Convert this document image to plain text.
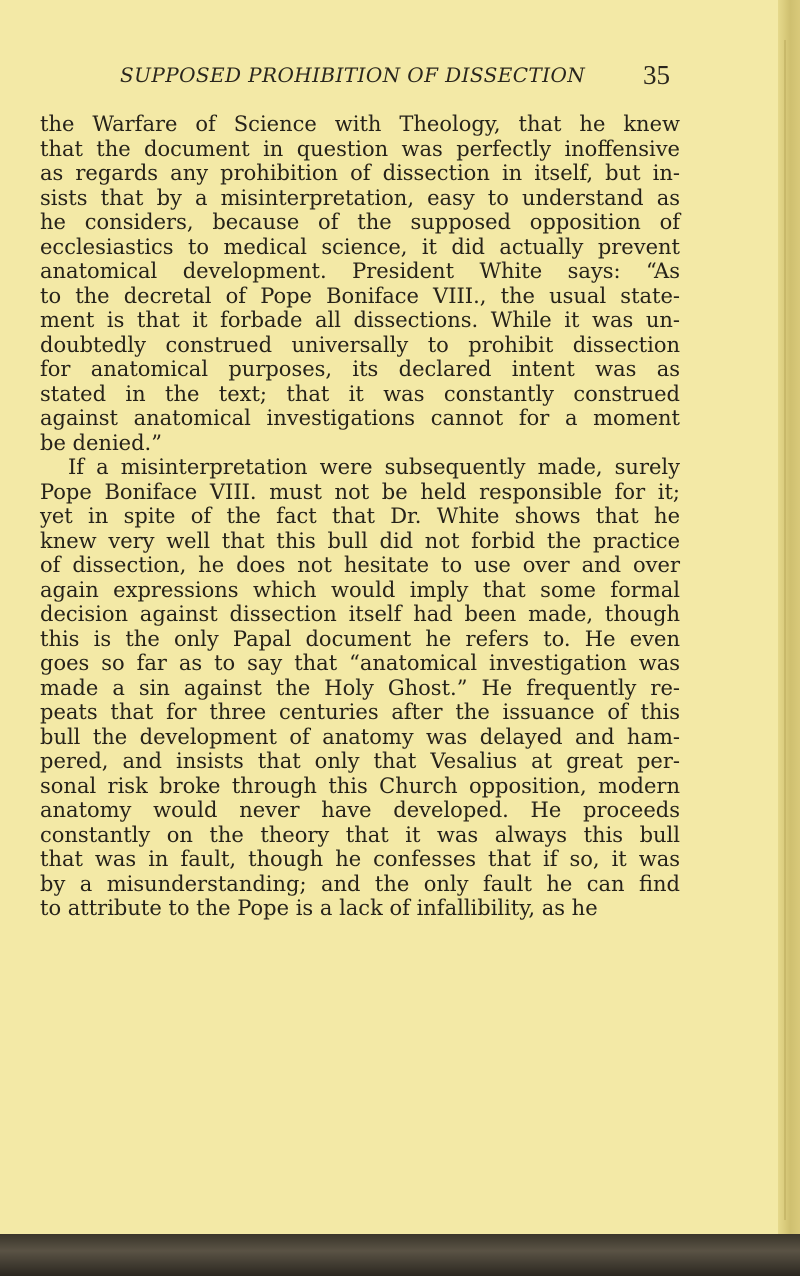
SUPPOSED PROHIBITION OF DISSECTION	35
the Warfare of Science with Theology, that he knew
that the document in question was perfectly inoffensive
as regards any prohibition of dissection in itself, but in-
sists that by a misinterpretation, easy to understand as
he considers, because of the supposed opposition of
ecclesiastics to medical science, it did actually prevent
anatomical development. President White says: “As
to the decretal of Pope Boniface VIII., the usual state-
ment is that it forbade all dissections. While it was un-
doubtedly construed universally to prohibit dissection
for anatomical purposes, its declared intent was as
stated in the text; that it was constantly construed
against anatomical investigations cannot for a moment
be denied.”
If a misinterpretation were subsequently made, surely
Pope Boniface VIII. must not be held responsible for it;
yet in spite of the fact that Dr. White shows that he
knew very well that this bull did not forbid the practice
of dissection, he does not hesitate to use over and over
again expressions which would imply that some formal
decision against dissection itself had been made, though
this is the only Papal document he refers to. He even
goes so far as to say that “anatomical investigation was
made a sin against the Holy Ghost.” He frequently re-
peats that for three centuries after the issuance of this
bull the development of anatomy was delayed and ham-
pered, and insists that only that Vesalius at great per-
sonal risk broke through this Church opposition, modern
anatomy would never have developed. He proceeds
constantly on the theory that it was always this bull
that was in fault, though he confesses that if so, it was
by a misunderstanding; and the only fault he can find
to attribute to the Pope is a lack of infallibility, as he
